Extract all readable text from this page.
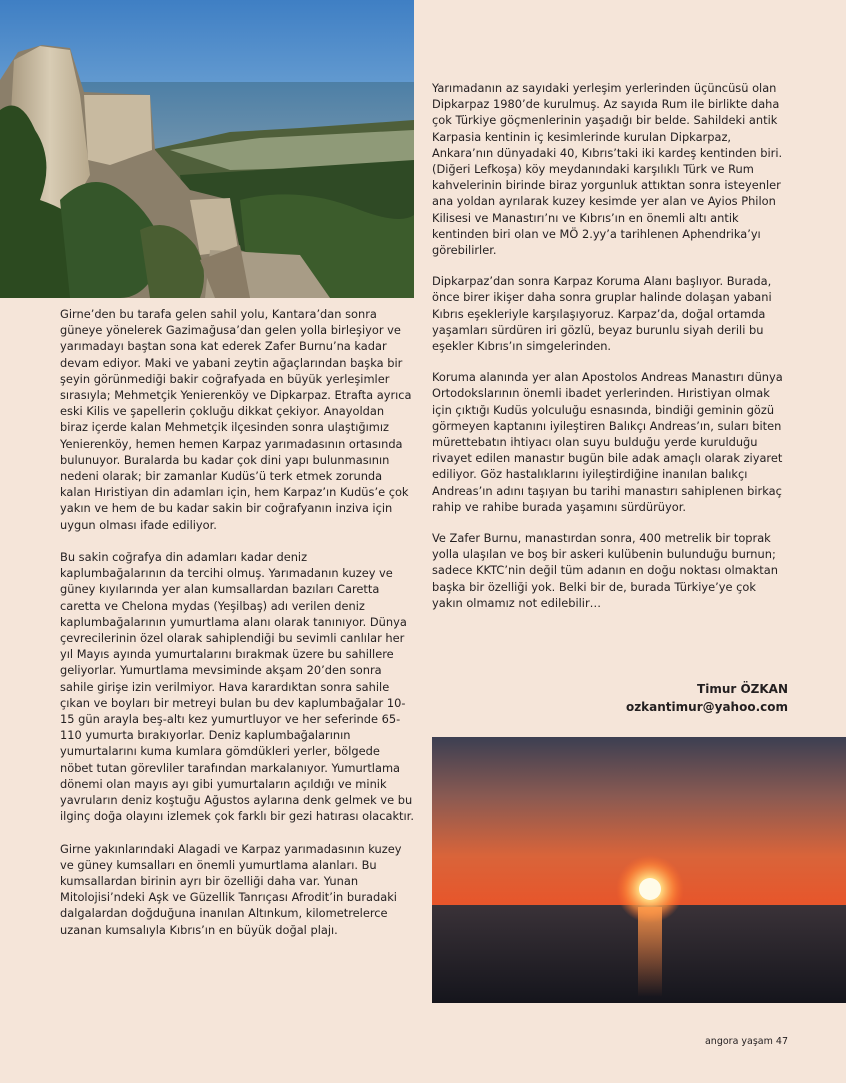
Girne’den bu tarafa gelen sahil yolu, Kantara’dan sonra güneye yönelerek Gazimağusa’dan gelen yolla birleşiyor ve yarımadayı baştan sona kat ederek Zafer Burnu’na kadar devam ediyor. Maki ve yabani zeytin ağaçlarından başka bir şeyin görünmediği bakir coğrafyada en büyük yerleşimler sırasıyla; Mehmetçik Yenierenköy ve Dipkarpaz. Etrafta ayrıca eski Kilis ve şapellerin çokluğu dikkat çekiyor. Anayoldan biraz içerde kalan Mehmetçik ilçesinden sonra ulaştığımız Yenierenköy, hemen hemen Karpaz yarımadasının ortasında bulunuyor. Buralarda bu kadar çok dini yapı bulunmasının nedeni olarak; bir zamanlar Kudüs’ü terk etmek zorunda kalan Hıristiyan din adamları için, hem Karpaz’ın Kudüs’e çok yakın ve hem de bu kadar sakin bir coğrafyanın inziva için uygun olması ifade ediliyor.

Bu sakin coğrafya din adamları kadar deniz kaplumbağalarının da tercihi olmuş. Yarımadanın kuzey ve güney kıyılarında yer alan kumsallardan bazıları Caretta caretta ve Chelona mydas (Yeşilbaş) adı verilen deniz kaplumbağalarının yumurtlama alanı olarak tanınıyor. Dünya çevrecilerinin özel olarak sahiplendiği bu sevimli canlılar her yıl Mayıs ayında yumurtalarını bırakmak üzere bu sahillere geliyorlar. Yumurtlama mevsiminde akşam 20’den sonra sahile girişe izin verilmiyor. Hava karardıktan sonra sahile çıkan ve boyları bir metreyi bulan bu dev kaplumbağalar 10-15 gün arayla beş-altı kez yumurtluyor ve her seferinde 65-110 yumurta bırakıyorlar. Deniz kaplumbağalarının yumurtalarını kuma kumlara gömdükleri yerler, bölgede nöbet tutan görevliler tarafından markalanıyor. Yumurtlama dönemi olan mayıs ayı gibi yumurtaların açıldığı ve minik yavruların deniz koştuğu Ağustos aylarına denk gelmek ve bu ilginç doğa olayını izlemek çok farklı bir gezi hatırası olacaktır.

Girne yakınlarındaki Alagadi ve Karpaz yarımadasının kuzey ve güney kumsalları en önemli yumurtlama alanları. Bu kumsallardan birinin ayrı bir özelliği daha var. Yunan Mitolojisi’ndeki Aşk ve Güzellik Tanrıçası Afrodit’in buradaki dalgalardan doğduğuna inanılan Altınkum, kilometrelerce uzanan kumsalıyla Kıbrıs’ın en büyük doğal plajı.

Yarımadanın az sayıdaki yerleşim yerlerinden üçüncüsü olan Dipkarpaz 1980’de kurulmuş. Az sayıda Rum ile birlikte daha çok Türkiye göçmenlerinin yaşadığı bir belde. Sahildeki antik Karpasia kentinin iç kesimlerinde kurulan Dipkarpaz, Ankara’nın dünyadaki 40, Kıbrıs’taki iki kardeş kentinden biri. (Diğeri Lefkoşa) köy meydanındaki karşılıklı Türk ve Rum kahvelerinin birinde biraz yorgunluk attıktan sonra isteyenler ana yoldan ayrılarak kuzey kesimde yer alan ve Ayios Philon Kilisesi ve Manastırı’nı ve Kıbrıs’ın en önemli altı antik kentinden biri olan ve MÖ 2.yy’a tarihlenen Aphendrika’yı görebilirler.

Dipkarpaz’dan sonra Karpaz Koruma Alanı başlıyor. Burada, önce birer ikişer daha sonra gruplar halinde dolaşan yabani Kıbrıs eşekleriyle karşılaşıyoruz. Karpaz’da, doğal ortamda yaşamları sürdüren iri gözlü, beyaz burunlu siyah derili bu eşekler Kıbrıs’ın simgelerinden.

Koruma alanında yer alan Apostolos Andreas Manastırı dünya Ortodokslarının önemli ibadet yerlerinden. Hıristiyan olmak için çıktığı Kudüs yolculuğu esnasında, bindiği geminin gözü görmeyen kaptanını iyileştiren Balıkçı Andreas’ın, suları biten mürettebatın ihtiyacı olan suyu bulduğu yerde kurulduğu rivayet edilen manastır bugün bile adak amaçlı olarak ziyaret ediliyor. Göz hastalıklarını iyileştirdiğine inanılan balıkçı Andreas’ın adını taşıyan bu tarihi manastırı sahiplenen birkaç rahip ve rahibe burada yaşamını sürdürüyor.

Ve Zafer Burnu, manastırdan sonra, 400 metrelik bir toprak yolla ulaşılan ve boş bir askeri kulübenin bulunduğu burnun; sadece KKTC’nin değil tüm adanın en doğu noktası olmaktan başka bir özelliği yok. Belki bir de, burada Türkiye’ye çok yakın olmamız not edilebilir…

Timur ÖZKAN
ozkantimur@yahoo.com
angora yaşam 47
